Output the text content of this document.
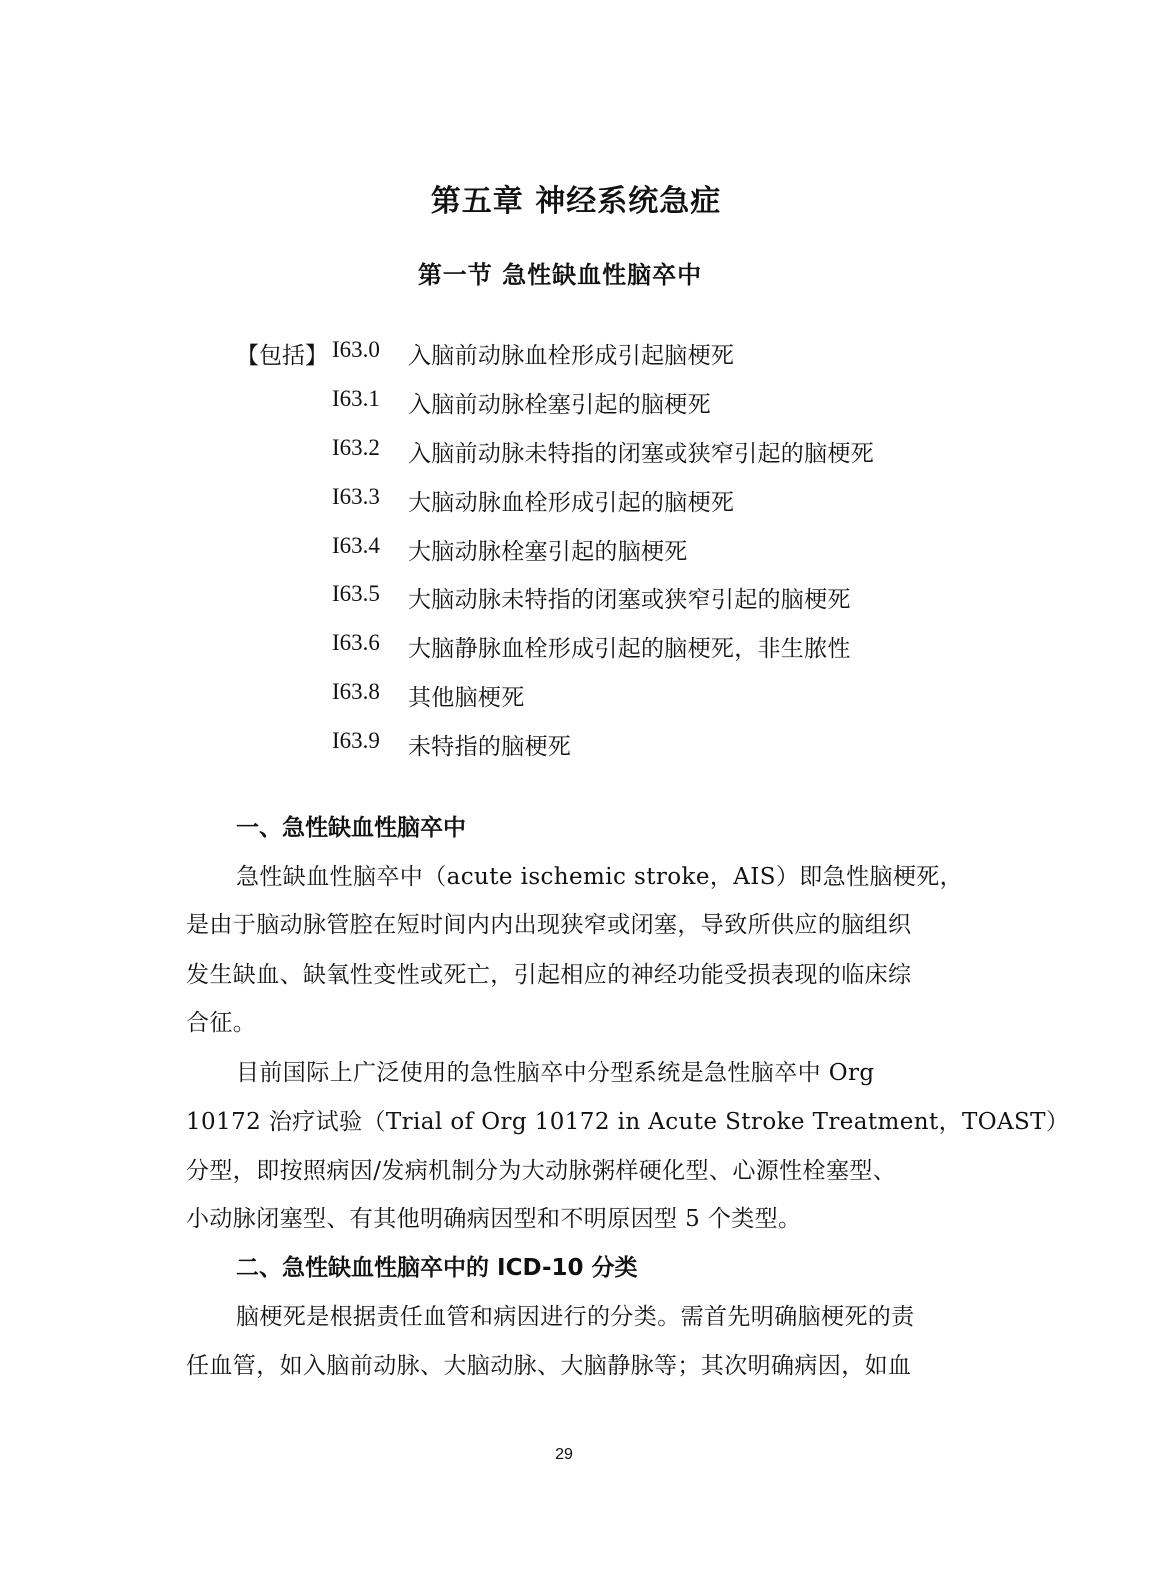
第五章 神经系统急症
第一节 急性缺血性脑卒中
【包括】 I63.0 入脑前动脉血栓形成引起脑梗死
I63.1 入脑前动脉栓塞引起的脑梗死
I63.2 入脑前动脉未特指的闭塞或狭窄引起的脑梗死
I63.3 大脑动脉血栓形成引起的脑梗死
I63.4 大脑动脉栓塞引起的脑梗死
I63.5 大脑动脉未特指的闭塞或狭窄引起的脑梗死
I63.6 大脑静脉血栓形成引起的脑梗死，非生脓性
I63.8 其他脑梗死
I63.9 未特指的脑梗死
一、急性缺血性脑卒中
急性缺血性脑卒中（acute ischemic stroke，AIS）即急性脑梗死，
是由于脑动脉管腔在短时间内内出现狭窄或闭塞，导致所供应的脑组织
发生缺血、缺氧性变性或死亡，引起相应的神经功能受损表现的临床综
合征。
目前国际上广泛使用的急性脑卒中分型系统是急性脑卒中 Org
10172 治疗试验（Trial of Org 10172 in Acute Stroke Treatment，TOAST）
分型，即按照病因/发病机制分为大动脉粥样硬化型、心源性栓塞型、
小动脉闭塞型、有其他明确病因型和不明原因型 5 个类型。
二、急性缺血性脑卒中的 ICD-10 分类
脑梗死是根据责任血管和病因进行的分类。需首先明确脑梗死的责
任血管，如入脑前动脉、大脑动脉、大脑静脉等；其次明确病因，如血
29
